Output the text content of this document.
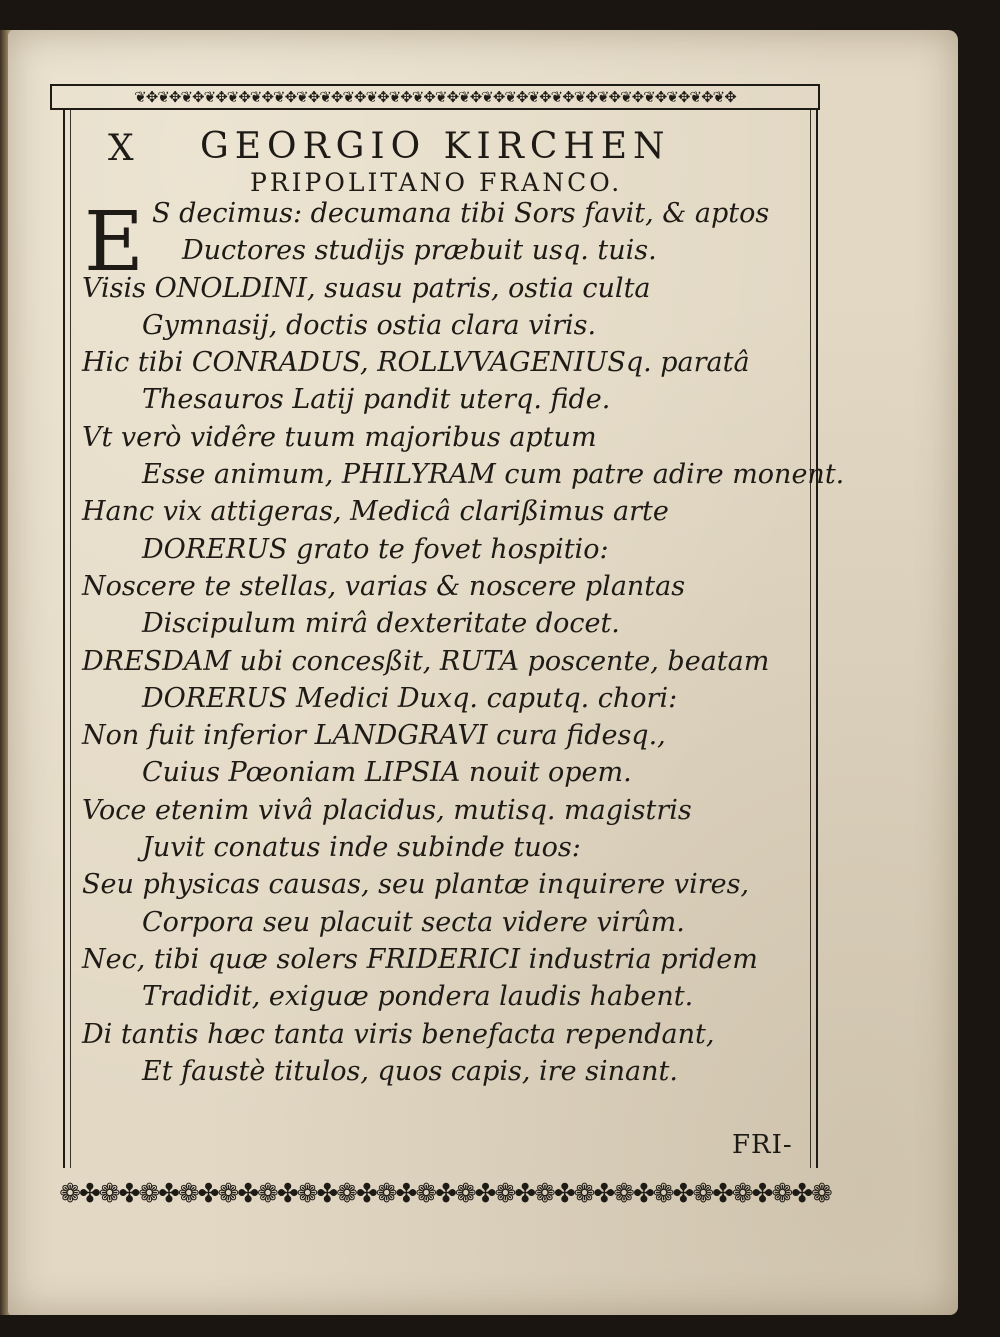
❦✥❦✥❦✥❦✥❦✥❦✥❦✥❦✥❦✥❦✥❦✥❦✥❦✥❦✥❦✥❦✥❦✥❦✥❦✥❦✥❦✥❦✥❦✥❦✥❦✥❦✥
X GEORGIO KIRCHEN
PRIPOLITANO FRANCO.
E S decimus: decumana tibi Sors favit, & aptos
Ductores studijs præbuit usq. tuis.
Visis ONOLDINI, suasu patris, ostia culta
Gymnasij, doctis ostia clara viris.
Hic tibi CONRADUS, ROLLVVAGENIUSq. paratâ
Thesauros Latij pandit uterq. fide.
Vt verò vidêre tuum majoribus aptum
Esse animum, PHILYRAM cum patre adire monent.
Hanc vix attigeras, Medicâ clarißimus arte
DORERUS grato te fovet hospitio:
Noscere te stellas, varias & noscere plantas
Discipulum mirâ dexteritate docet.
DRESDAM ubi concesßit, RUTA poscente, beatam
DORERUS Medici Duxq. caputq. chori:
Non fuit inferior LANDGRAVI cura fidesq.,
Cuius Pœoniam LIPSIA nouit opem.
Voce etenim vivâ placidus, mutisq. magistris
Juvit conatus inde subinde tuos:
Seu physicas causas, seu plantæ inquirere vires,
Corpora seu placuit secta videre virûm.
Nec, tibi quæ solers FRIDERICI industria pridem
Tradidit, exiguæ pondera laudis habent.
Di tantis hæc tanta viris benefacta rependant,
Et faustè titulos, quos capis, ire sinant.
FRI-
❁✤❁✤❁✤❁✤❁✤❁✤❁✤❁✤❁✤❁✤❁✤❁✤❁✤❁✤❁✤❁✤❁✤❁✤❁✤❁
